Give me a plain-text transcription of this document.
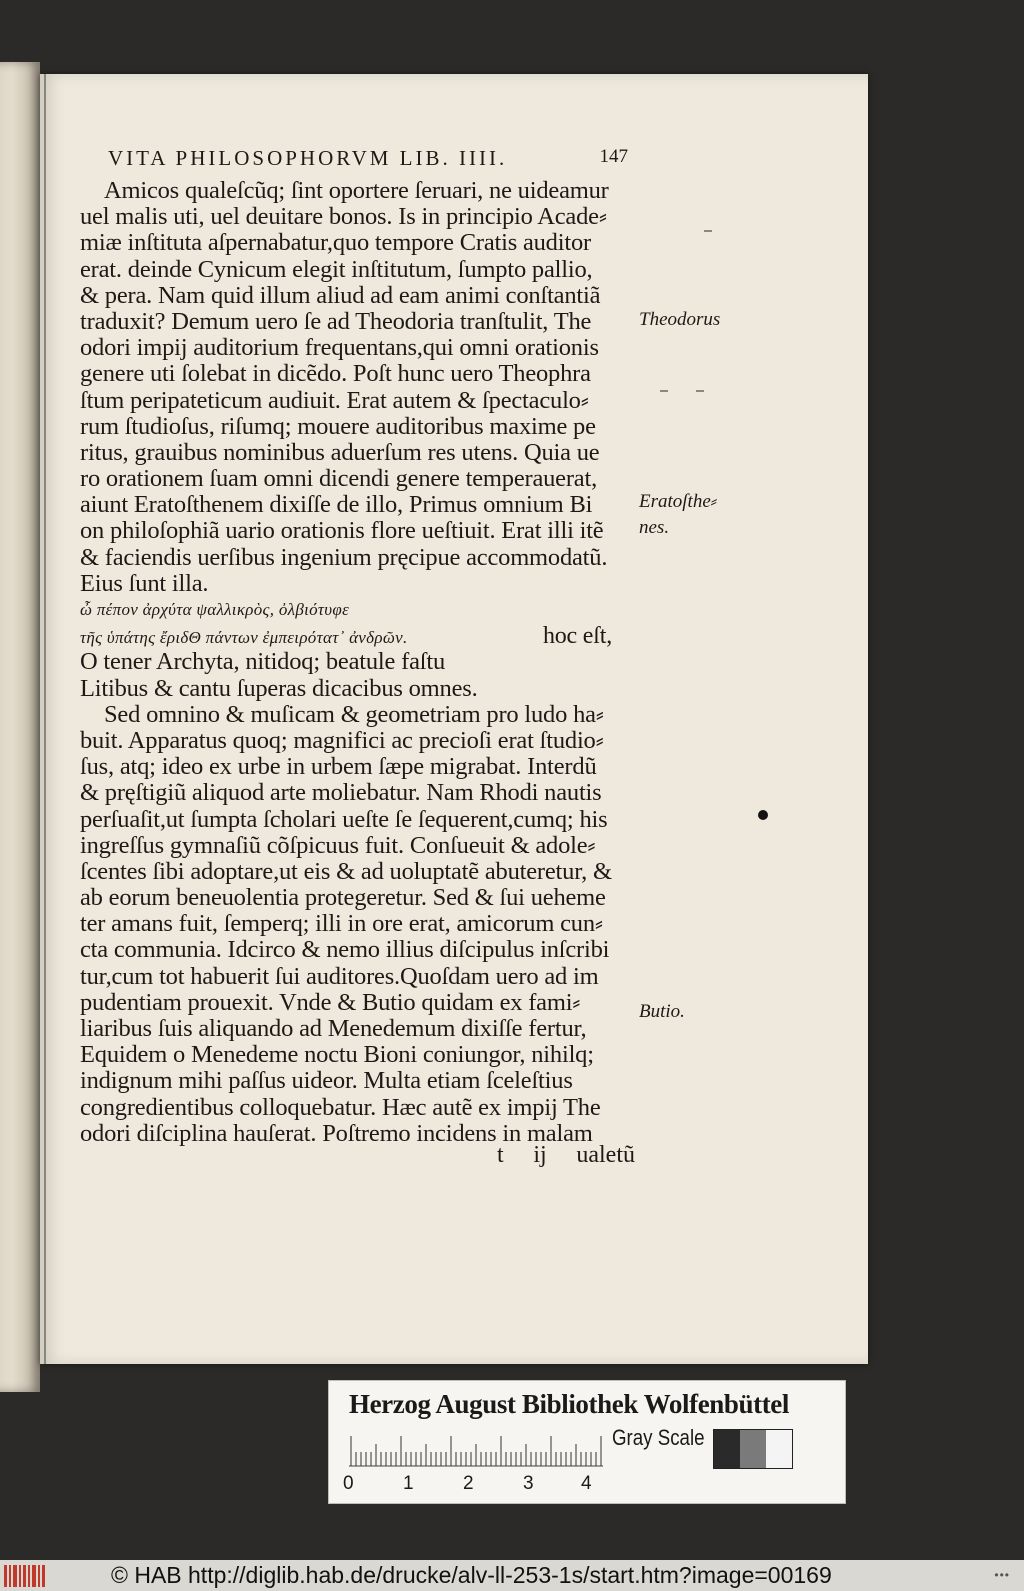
VITA PHILOSOPHORVM LIB. IIII.	147
Amicos qualeſcũq; ſint oportere ſeruari, ne uideamur
uel malis uti, uel deuitare bonos. Is in principio Acade⸗
miæ inſtituta aſpernabatur,quo tempore Cratis auditor
erat. deinde Cynicum elegit inſtitutum, ſumpto pallio,
& pera. Nam quid illum aliud ad eam animi conſtantiã
traduxit? Demum uero ſe ad Theodoria tranſtulit, The
odori impij auditorium frequentans,qui omni orationis
genere uti ſolebat in dicẽdo. Poſt hunc uero Theophra
ſtum peripateticum audiuit. Erat autem & ſpectaculo⸗
rum ſtudioſus, riſumq; mouere auditoribus maxime pe
ritus, grauibus nominibus aduerſum res utens. Quia ue
ro orationem ſuam omni dicendi genere temperauerat,
aiunt Eratoſthenem dixiſſe de illo, Primus omnium Bi
on philoſophiã uario orationis flore ueſtiuit. Erat illi itẽ
& faciendis uerſibus ingenium pręcipue accommodatũ.
Eius ſunt illa.
ὦ πέπον ἀρχύτα ψαλλικρὸς, ὀλβιότυφε
τῆς ὑπάτης ἔριδΘ πάντων ἐμπειρότατ᾽ ἀνδρῶν.	hoc eſt,
O tener Archyta, nitidoq; beatule faſtu
Litibus & cantu ſuperas dicacibus omnes.
Sed omnino & muſicam & geometriam pro ludo ha⸗
buit. Apparatus quoq; magnifici ac precioſi erat ſtudio⸗
ſus, atq; ideo ex urbe in urbem ſæpe migrabat. Interdũ
& pręſtigiũ aliquod arte moliebatur. Nam Rhodi nautis
perſuaſit,ut ſumpta ſcholari ueſte ſe ſequerent,cumq; his
ingreſſus gymnaſiũ cõſpicuus fuit. Conſueuit & adole⸗
ſcentes ſibi adoptare,ut eis & ad uoluptatẽ abuteretur, &
ab eorum beneuolentia protegeretur. Sed & ſui ueheme
ter amans fuit, ſemperq; illi in ore erat, amicorum cun⸗
cta communia. Idcirco & nemo illius diſcipulus inſcribi
tur,cum tot habuerit ſui auditores.Quoſdam uero ad im
pudentiam prouexit. Vnde & Butio quidam ex fami⸗
liaribus ſuis aliquando ad Menedemum dixiſſe fertur,
Equidem o Menedeme noctu Bioni coniungor, nihilq;
indignum mihi paſſus uideor. Multa etiam ſceleſtius
congredientibus colloquebatur. Hæc autẽ ex impij The
odori diſciplina hauſerat. Poſtremo incidens in malam
Theodorus
Eratoſthe⸗
nes.
Butio.
t ij ualetũ
Herzog August Bibliothek Wolfenbüttel
0	1	2	3 4
Gray Scale
© HAB http://diglib.hab.de/drucke/alv-ll-253-1s/start.htm?image=00169	•••
